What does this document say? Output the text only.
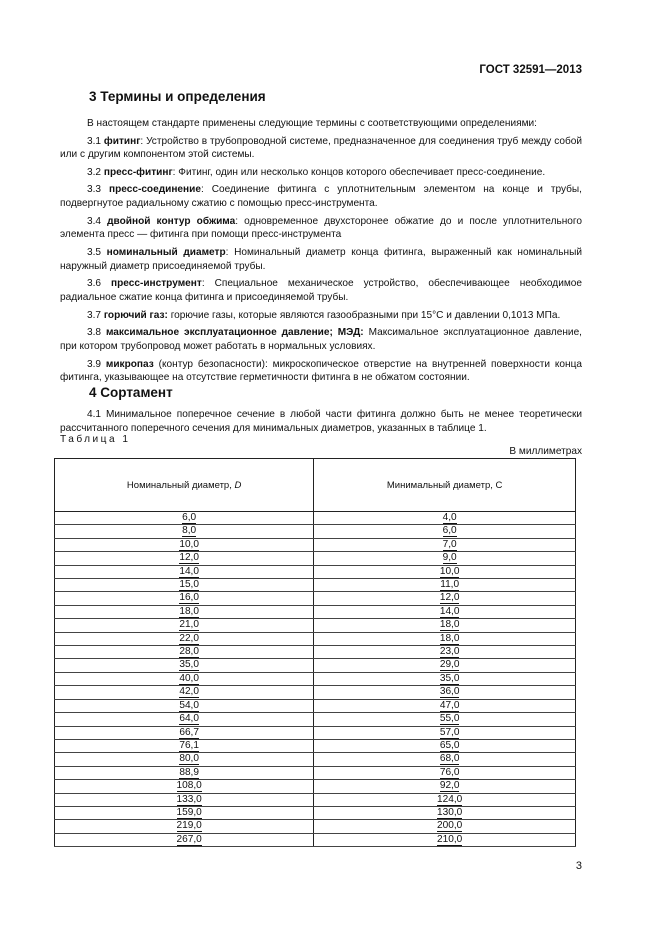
ГОСТ 32591—2013
3 Термины и определения

В настоящем стандарте применены следующие термины с соответствующими определениями:

3.1 фитинг: Устройство в трубопроводной системе, предназначенное для соединения труб между собой или с другим компонентом этой системы.

3.2 пресс-фитинг: Фитинг, один или несколько концов которого обеспечивает пресс-соединение.

3.3 пресс-соединение: Соединение фитинга с уплотнительным элементом на конце и трубы, подвергнутое радиальному сжатию с помощью пресс-инструмента.

3.4 двойной контур обжима: одновременное двухсторонее обжатие до и после уплотнительного элемента пресс — фитинга при помощи пресс-инструмента

3.5 номинальный диаметр: Номинальный диаметр конца фитинга, выраженный как номинальный наружный диаметр присоединяемой трубы.

3.6 пресс-инструмент: Специальное механическое устройство, обеспечивающее необходимое радиальное сжатие конца фитинга и присоединяемой трубы.

3.7 горючий газ: горючие газы, которые являются газообразными при 15°С и давлении 0,1013 МПа.

3.8 максимальное эксплуатационное давление; МЭД: Максимальное эксплуатационное давление, при котором трубопровод может работать в нормальных условиях.

3.9 микропаз (контур безопасности): микроскопическое отверстие на внутренней поверхности конца фитинга, указывающее на отсутствие герметичности фитинга в не обжатом состоянии.

4 Сортамент

4.1 Минимальное поперечное сечение в любой части фитинга должно быть не менее теоретически рассчитанного поперечного сечения для минимальных диаметров, указанных в таблице 1.

Таблица 1
В миллиметрах
Номинальный диаметр, D	Минимальный диаметр, С
6,0	4,0
8,0	6,0
10,0	7,0
12,0	9,0
14,0	10,0
15,0	11,0
16,0	12,0
18,0	14,0
21,0	18,0
22,0	18,0
28,0	23,0
35,0	29,0
40,0	35,0
42,0	36,0
54,0	47,0
64,0	55,0
66,7	57,0
76,1	65,0
80,0	68,0
88,9	76,0
108,0	92,0
133,0	124,0
159,0	130,0
219,0	200,0
267,0	210,0
3
